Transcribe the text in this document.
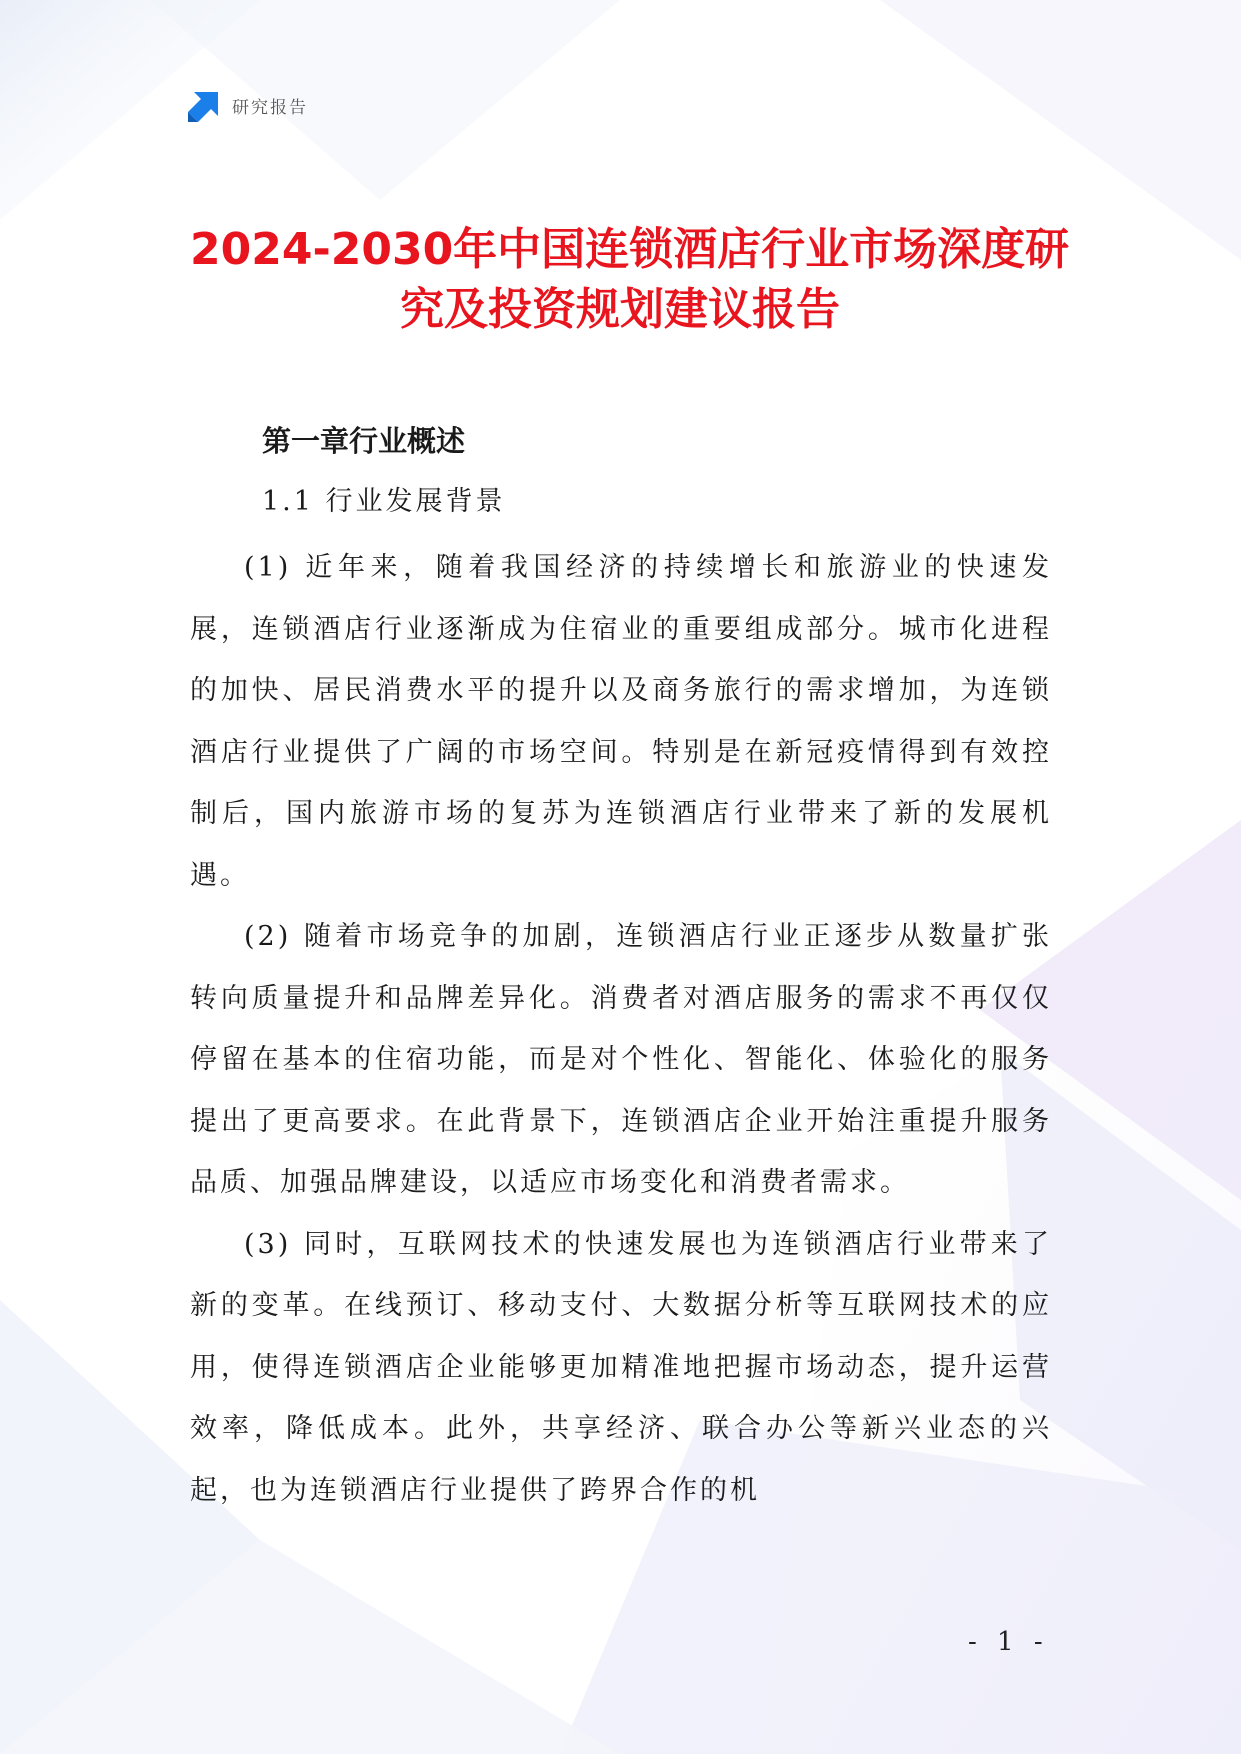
研究报告
2024-2030年中国连锁酒店行业市场深度研
究及投资规划建议报告
第一章行业概述
1.1 行业发展背景

(1) 近年来，随着我国经济的持续增长和旅游业的快速发展，连锁酒店行业逐渐成为住宿业的重要组成部分。城市化进程的加快、居民消费水平的提升以及商务旅行的需求增加，为连锁酒店行业提供了广阔的市场空间。特别是在新冠疫情得到有效控制后，国内旅游市场的复苏为连锁酒店行业带来了新的发展机遇。

(2) 随着市场竞争的加剧，连锁酒店行业正逐步从数量扩张转向质量提升和品牌差异化。消费者对酒店服务的需求不再仅仅停留在基本的住宿功能，而是对个性化、智能化、体验化的服务提出了更高要求。在此背景下，连锁酒店企业开始注重提升服务品质、加强品牌建设，以适应市场变化和消费者需求。

(3) 同时，互联网技术的快速发展也为连锁酒店行业带来了新的变革。在线预订、移动支付、大数据分析等互联网技术的应用，使得连锁酒店企业能够更加精准地把握市场动态，提升运营效率，降低成本。此外，共享经济、联合办公等新兴业态的兴起，也为连锁酒店行业提供了跨界合作的机

- 1 -
